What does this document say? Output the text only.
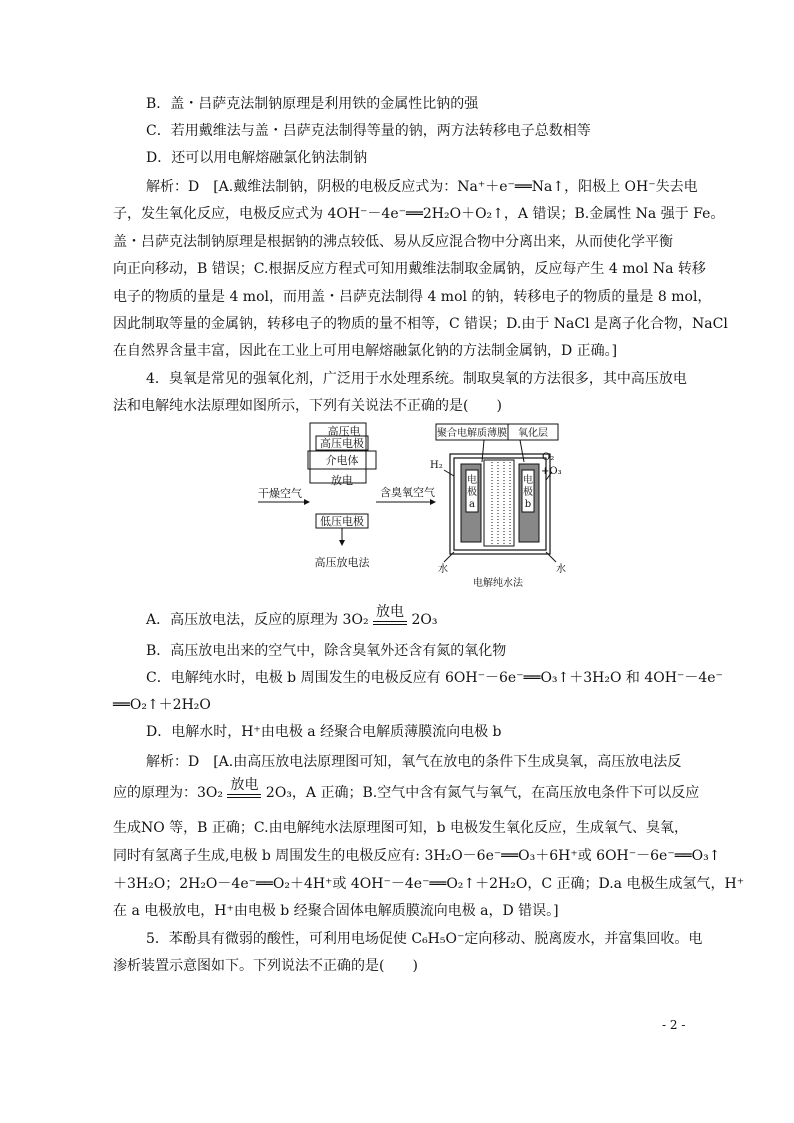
B．盖・吕萨克法制钠原理是利用铁的金属性比钠的强
C．若用戴维法与盖・吕萨克法制得等量的钠，两方法转移电子总数相等
D．还可以用电解熔融氯化钠法制钠
解析：D　[A.戴维法制钠，阴极的电极反应式为：Na⁺＋e⁻══Na↑，阳极上 OH⁻失去电
子，发生氧化反应，电极反应式为 4OH⁻－4e⁻══2H₂O＋O₂↑，A 错误；B.金属性 Na 强于 Fe。
盖・吕萨克法制钠原理是根据钠的沸点较低、易从反应混合物中分离出来，从而使化学平衡
向正向移动，B 错误；C.根据反应方程式可知用戴维法制取金属钠，反应每产生 4 mol Na 转移
电子的物质的量是 4 mol，而用盖・吕萨克法制得 4 mol 的钠，转移电子的物质的量是 8 mol，
因此制取等量的金属钠，转移电子的物质的量不相等，C 错误；D.由于 NaCl 是离子化合物，NaCl
在自然界含量丰富，因此在工业上可用电解熔融氯化钠的方法制金属钠，D 正确。]
4．臭氧是常见的强氧化剂，广泛用于水处理系统。制取臭氧的方法很多，其中高压放电
法和电解纯水法原理如图所示，下列有关说法不正确的是(　　)
高压电
高压电极
介电体
放电
低压电极
干燥空气	含臭氧空气
高压放电法
聚合电解质薄膜 氧化层
电
极
a
电
极
b
H₂
O₂
+O₃
水	水
电解纯水法
A．高压放电法，反应的原理为 3O₂ 放电 2O₃
B．高压放电出来的空气中，除含臭氧外还含有氮的氧化物
C．电解纯水时，电极 b 周围发生的电极反应有 6OH⁻－6e⁻══O₃↑＋3H₂O 和 4OH⁻－4e⁻
══O₂↑＋2H₂O
D．电解水时，H⁺由电极 a 经聚合电解质薄膜流向电极 b
解析：D　[A.由高压放电法原理图可知，氧气在放电的条件下生成臭氧，高压放电法反
应的原理为：3O₂ 放电 2O₃，A 正确；B.空气中含有氮气与氧气，在高压放电条件下可以反应
生成NO 等，B 正确；C.由电解纯水法原理图可知，b 电极发生氧化反应，生成氧气、臭氧，
同时有氢离子生成,电极 b 周围发生的电极反应有: 3H₂O－6e⁻══O₃＋6H⁺或 6OH⁻－6e⁻══O₃↑
＋3H₂O；2H₂O－4e⁻══O₂＋4H⁺或 4OH⁻－4e⁻══O₂↑＋2H₂O，C 正确；D.a 电极生成氢气，H⁺
在 a 电极放电，H⁺由电极 b 经聚合固体电解质膜流向电极 a，D 错误。]
5．苯酚具有微弱的酸性，可利用电场促使 C₆H₅O⁻定向移动、脱离废水，并富集回收。电
渗析装置示意图如下。下列说法不正确的是(　　)
- 2 -
